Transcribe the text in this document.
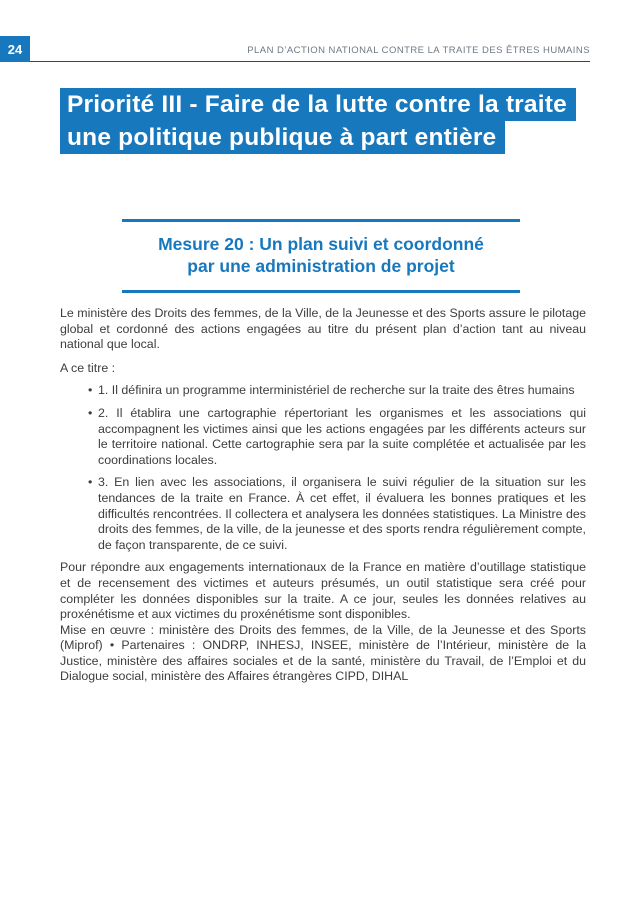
24	PLAN D’ACTION NATIONAL CONTRE LA TRAITE DES ÊTRES HUMAINS
Priorité III - Faire de la lutte contre la traite
une politique publique à part entière
Mesure 20 : Un plan suivi et coordonné
par une administration de projet

Le ministère des Droits des femmes, de la Ville, de la Jeunesse et des Sports assure le pilotage global et cordonné des actions engagées au titre du présent plan d’action tant au niveau national que local.

A ce titre :

• 1. Il définira un programme interministériel de recherche sur la traite des êtres humains
• 2. Il établira une cartographie répertoriant les organismes et les associations qui accompagnent les victimes ainsi que les actions engagées par les différents acteurs sur le territoire national. Cette cartographie sera par la suite complétée et actualisée par les coordinations locales.
• 3. En lien avec les associations, il organisera le suivi régulier de la situation sur les tendances de la traite en France. À cet effet, il évaluera les bonnes pratiques et les difficultés rencontrées. Il collectera et analysera les données statistiques. La Ministre des droits des femmes, de la ville, de la jeunesse et des sports rendra régulièrement compte, de façon transparente, de ce suivi.

Pour répondre aux engagements internationaux de la France en matière d’outillage statistique et de recensement des victimes et auteurs présumés, un outil statistique sera créé pour compléter les données disponibles sur la traite. A ce jour, seules les données relatives au proxénétisme et aux victimes du proxénétisme sont disponibles.

Mise en œuvre : ministère des Droits des femmes, de la Ville, de la Jeunesse et des Sports (Miprof) • Partenaires : ONDRP, INHESJ, INSEE, ministère de l’Intérieur, ministère de la Justice, ministère des affaires sociales et de la santé, ministère du Travail, de l’Emploi et du Dialogue social, ministère des Affaires étrangères CIPD, DIHAL
